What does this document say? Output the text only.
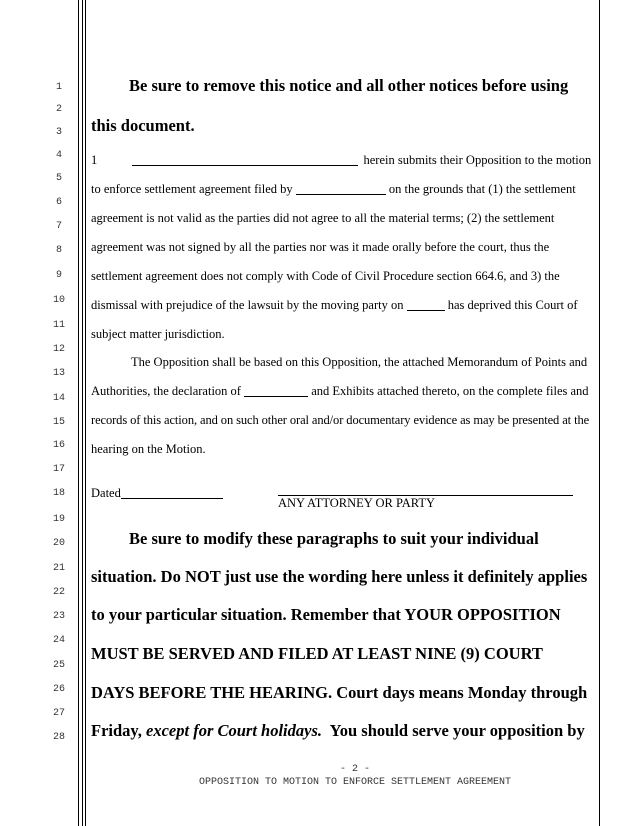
1
2
3
4
5
6
7
8
9
10
11
12
13
14
15
16
17
18
19
20
21
22
23
24
25
26
27
28
Be sure to remove this notice and all other notices before using
this document.
1	herein submits their Opposition to the motion
to enforce settlement agreement filed by	on the grounds that (1) the settlement
agreement is not valid as the parties did not agree to all the material terms; (2) the settlement
agreement was not signed by all the parties nor was it made orally before the court, thus the
settlement agreement does not comply with Code of Civil Procedure section 664.6, and 3) the
dismissal with prejudice of the lawsuit by the moving party on	has deprived this Court of
subject matter jurisdiction.
The Opposition shall be based on this Opposition, the attached Memorandum of Points and
Authorities, the declaration of	and Exhibits attached thereto, on the complete files and
records of this action, and on such other oral and/or documentary evidence as may be presented at the
hearing on the Motion.
Dated
ANY ATTORNEY OR PARTY
Be sure to modify these paragraphs to suit your individual
situation. Do NOT just use the wording here unless it definitely applies
to your particular situation. Remember that YOUR OPPOSITION
MUST BE SERVED AND FILED AT LEAST NINE (9) COURT
DAYS BEFORE THE HEARING. Court days means Monday through
Friday, except for Court holidays.  You should serve your opposition by
- 2 -
OPPOSITION TO MOTION TO ENFORCE SETTLEMENT AGREEMENT
